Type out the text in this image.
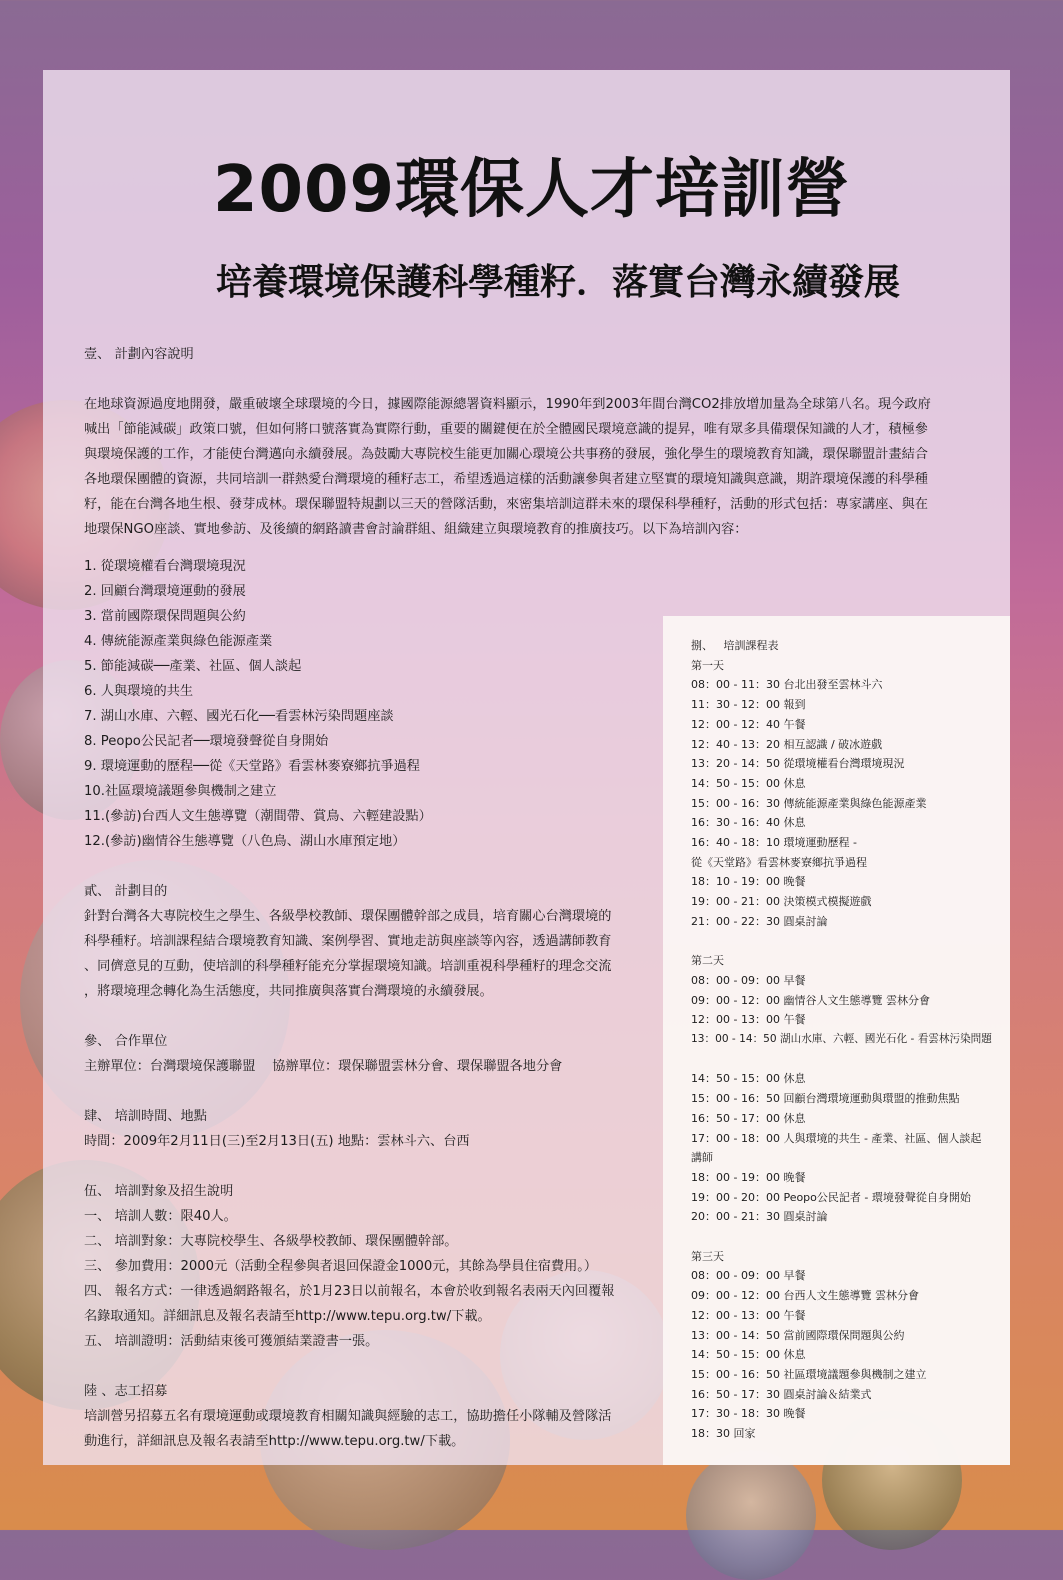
2009環保人才培訓營
培養環境保護科學種籽．落實台灣永續發展
壹、 計劃內容說明
在地球資源過度地開發，嚴重破壞全球環境的今日，據國際能源總署資料顯示，1990年到2003年間台灣CO2排放增加量為全球第八名。現今政府
喊出「節能減碳」政策口號，但如何將口號落實為實際行動，重要的關鍵便在於全體國民環境意識的提昇，唯有眾多具備環保知識的人才，積極參
與環境保護的工作，才能使台灣邁向永續發展。為鼓勵大專院校生能更加關心環境公共事務的發展，強化學生的環境教育知識，環保聯盟計畫結合
各地環保團體的資源，共同培訓一群熱愛台灣環境的種籽志工，希望透過這樣的活動讓參與者建立堅實的環境知識與意識，期許環境保護的科學種
籽，能在台灣各地生根、發芽成林。環保聯盟特規劃以三天的營隊活動，來密集培訓這群未來的環保科學種籽，活動的形式包括：專家講座、與在
地環保NGO座談、實地參訪、及後續的網路讀書會討論群組、組織建立與環境教育的推廣技巧。以下為培訓內容：
1. 從環境權看台灣環境現況
2. 回顧台灣環境運動的發展
3. 當前國際環保問題與公約
4. 傳統能源產業與綠色能源產業
5. 節能減碳──產業、社區、個人談起
6. 人與環境的共生
7. 湖山水庫、六輕、國光石化──看雲林污染問題座談
8. Peopo公民記者──環境發聲從自身開始
9. 環境運動的歷程──從《天堂路》看雲林麥寮鄉抗爭過程
10.社區環境議題參與機制之建立
11.(參訪)台西人文生態導覽（潮間帶、賞鳥、六輕建設點）
12.(參訪)幽情谷生態導覽（八色鳥、湖山水庫預定地）
貳、 計劃目的
針對台灣各大專院校生之學生、各級學校教師、環保團體幹部之成員，培育關心台灣環境的
科學種籽。培訓課程結合環境教育知識、案例學習、實地走訪與座談等內容，透過講師教育
、同儕意見的互動，使培訓的科學種籽能充分掌握環境知識。培訓重視科學種籽的理念交流
，將環境理念轉化為生活態度，共同推廣與落實台灣環境的永續發展。
參、 合作單位
主辦單位：台灣環境保護聯盟    協辦單位：環保聯盟雲林分會、環保聯盟各地分會
肆、 培訓時間、地點
時間：2009年2月11日(三)至2月13日(五) 地點：雲林斗六、台西
伍、 培訓對象及招生說明
一、 培訓人數：限40人。
二、 培訓對象：大專院校學生、各級學校教師、環保團體幹部。
三、 參加費用：2000元（活動全程參與者退回保證金1000元，其餘為學員住宿費用。）
四、 報名方式：一律透過網路報名，於1月23日以前報名，本會於收到報名表兩天內回覆報
名錄取通知。詳細訊息及報名表請至http://www.tepu.org.tw/下載。
五、 培訓證明：活動結束後可獲頒結業證書一張。
陸 、志工招募
培訓營另招募五名有環境運動或環境教育相關知識與經驗的志工，協助擔任小隊輔及營隊活
動進行，詳細訊息及報名表請至http://www.tepu.org.tw/下載。
捌、   培訓課程表
第一天
08：00 - 11：30 台北出發至雲林斗六
11：30 - 12：00 報到
12：00 - 12：40 午餐
12：40 - 13：20 相互認識 / 破冰遊戲
13：20 - 14：50 從環境權看台灣環境現況
14：50 - 15：00 休息
15：00 - 16：30 傳統能源產業與綠色能源產業
16：30 - 16：40 休息
16：40 - 18：10 環境運動歷程 -
從《天堂路》看雲林麥寮鄉抗爭過程
18：10 - 19：00 晚餐
19：00 - 21：00 決策模式模擬遊戲
21：00 - 22：30 圓桌討論
第二天
08：00 - 09：00 早餐
09：00 - 12：00 幽情谷人文生態導覽 雲林分會
12：00 - 13：00 午餐
13：00 - 14：50 湖山水庫、六輕、國光石化 - 看雲林污染問題
14：50 - 15：00 休息
15：00 - 16：50 回顧台灣環境運動與環盟的推動焦點
16：50 - 17：00 休息
17：00 - 18：00 人與環境的共生 - 產業、社區、個人談起
講師
18：00 - 19：00 晚餐
19：00 - 20：00 Peopo公民記者 - 環境發聲從自身開始
20：00 - 21：30 圓桌討論
第三天
08：00 - 09：00 早餐
09：00 - 12：00 台西人文生態導覽 雲林分會
12：00 - 13：00 午餐
13：00 - 14：50 當前國際環保問題與公約
14：50 - 15：00 休息
15：00 - 16：50 社區環境議題參與機制之建立
16：50 - 17：30 圓桌討論＆結業式
17：30 - 18：30 晚餐
18：30 回家
